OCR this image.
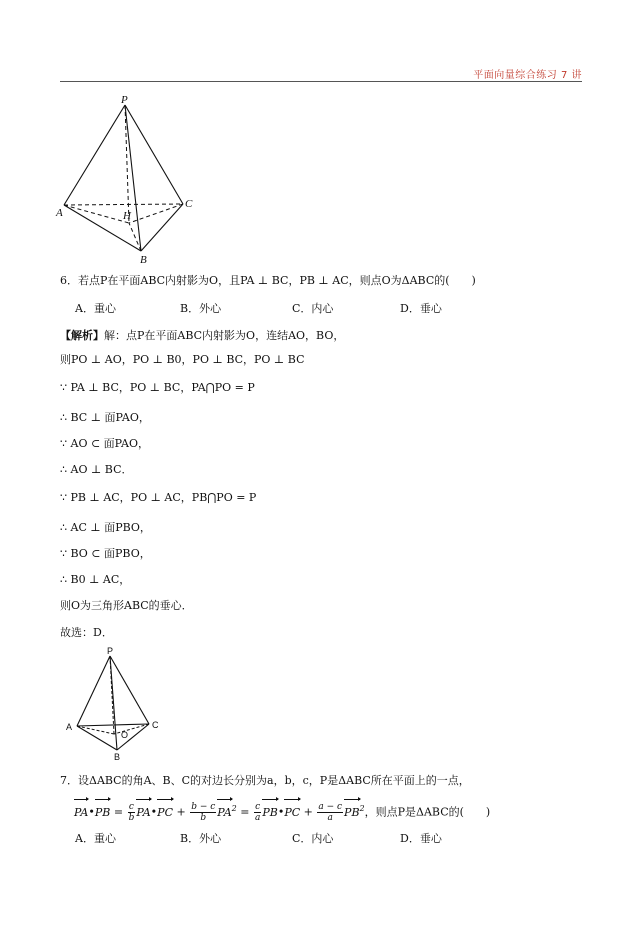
平面向量综合练习 7 讲
P
A
C
H
B
6．若点P在平面ABC内射影为O，且PA ⊥ BC，PB ⊥ AC，则点O为ΔABC的(　　)
A．重心	B．外心	C．内心	D．垂心
【解析】解：点P在平面ABC内射影为O，连结AO，BO，
则PO ⊥ AO，PO ⊥ B0，PO ⊥ BC，PO ⊥ BC
∵ PA ⊥ BC，PO ⊥ BC，PA⋂PO = P
∴ BC ⊥ 面PAO，
∵ AO ⊂ 面PAO，
∴ AO ⊥ BC．
∵ PB ⊥ AC，PO ⊥ AC，PB⋂PO = P
∴ AC ⊥ 面PBO，
∵ BO ⊂ 面PBO，
∴ B0 ⊥ AC，
则O为三角形ABC的垂心．
故选：D．
P
A	C
O
B
7．设ΔABC的角A、B、C的对边长分别为a，b，c，P是ΔABC所在平面上的一点，
PA•PB = $\frac{c}{b}$ PA•PC + $\frac{b - c}{b} PA^2 = \frac{c}{a}$ PB•PC + $\frac{a - c}{a} PB^2$，则点P是ΔABC的(　　)
A．重心	B．外心	C．内心	D．垂心
